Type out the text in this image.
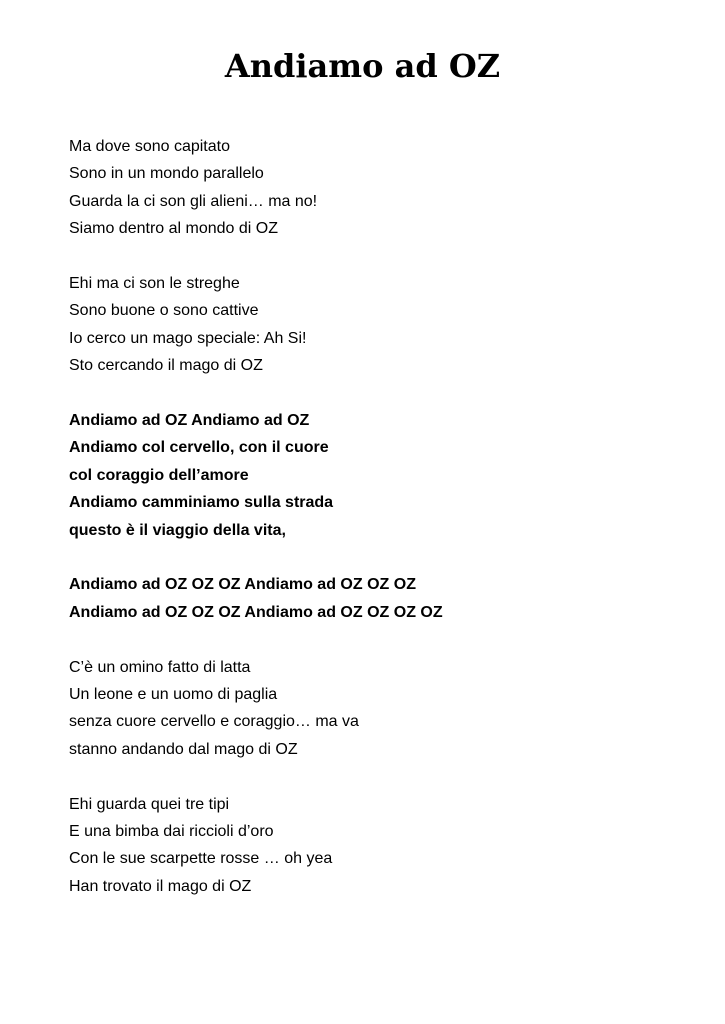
Andiamo ad OZ
Ma dove sono capitato
Sono in un mondo parallelo
Guarda la ci son gli alieni… ma no!
Siamo dentro al mondo di OZ
Ehi ma ci son le streghe
Sono buone o sono cattive
Io cerco un mago speciale: Ah Si!
Sto cercando il mago di OZ
Andiamo ad OZ Andiamo ad OZ
Andiamo col cervello, con il cuore
col coraggio dell’amore
Andiamo camminiamo sulla strada
questo è il viaggio della vita,
Andiamo ad OZ OZ OZ Andiamo ad OZ OZ OZ
Andiamo ad OZ OZ OZ Andiamo ad OZ OZ OZ OZ
C’è un omino fatto di latta
Un leone e un uomo di paglia
senza cuore cervello e coraggio… ma va
stanno andando dal mago di OZ
Ehi guarda quei tre tipi
E una bimba dai riccioli d’oro
Con le sue scarpette rosse … oh yea
Han trovato il mago di OZ
